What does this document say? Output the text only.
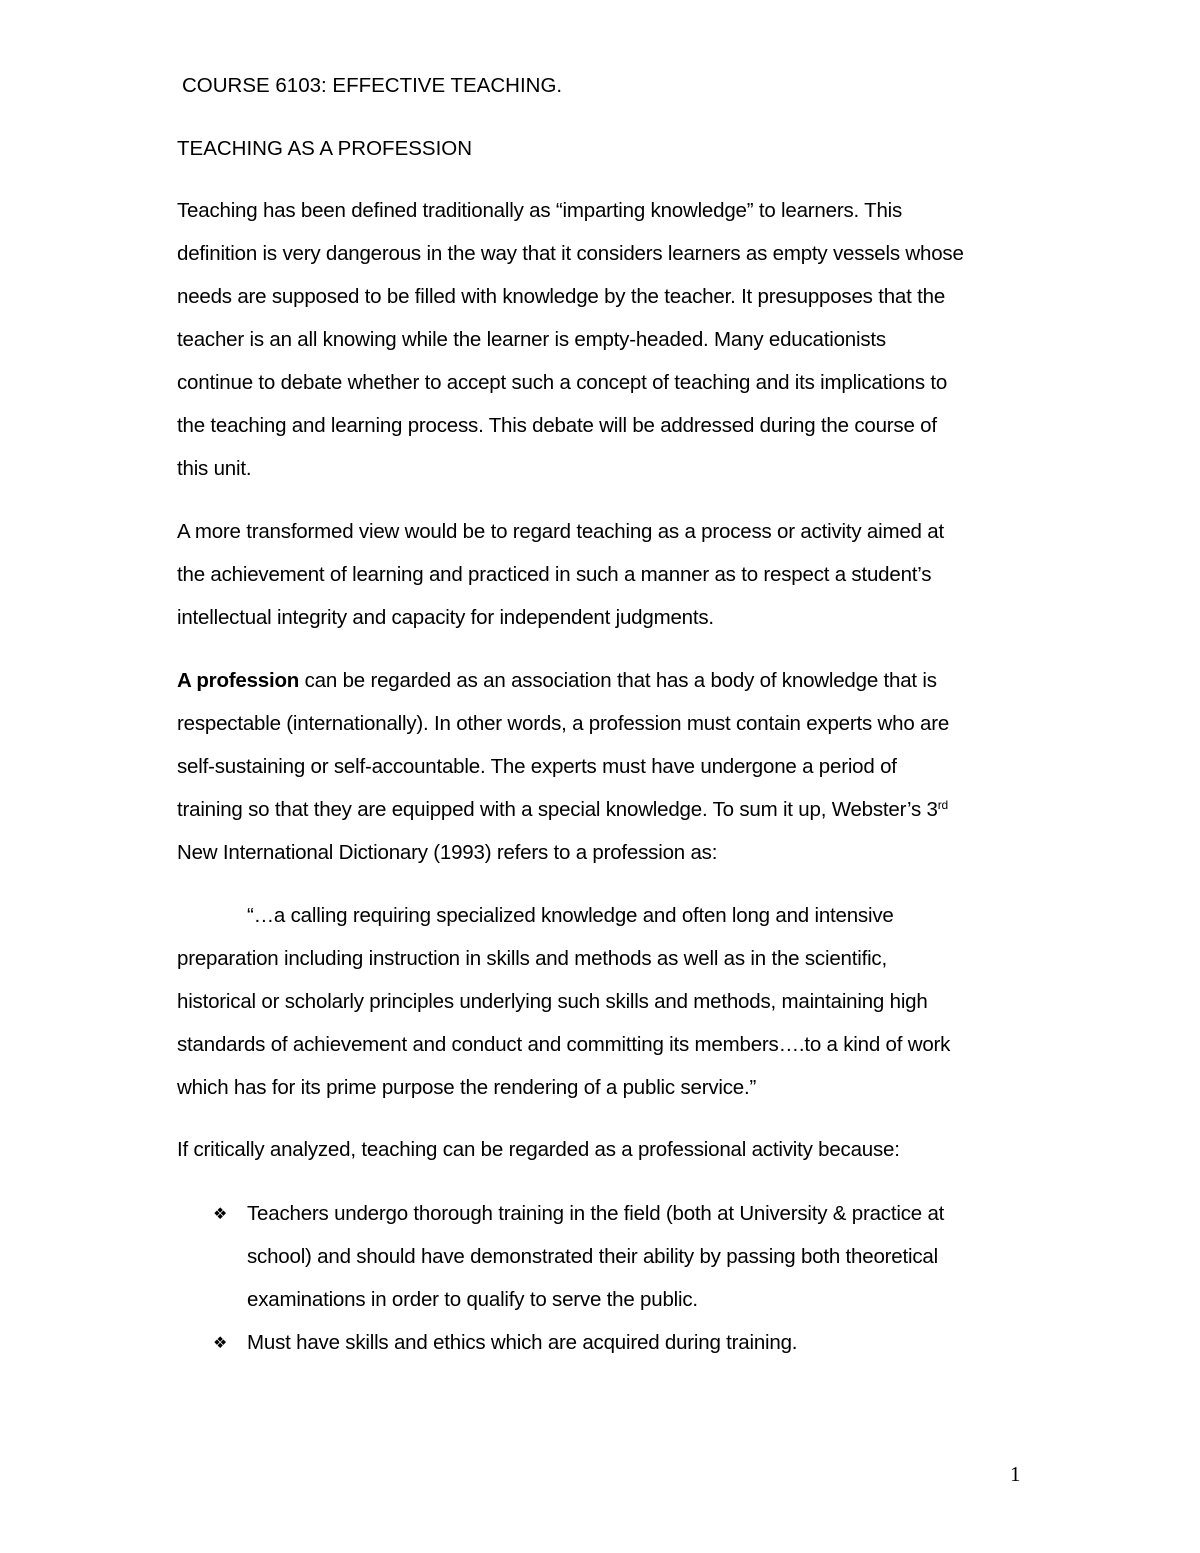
COURSE 6103: EFFECTIVE TEACHING.
TEACHING AS A PROFESSION

Teaching has been defined traditionally as “imparting knowledge” to learners. This
definition is very dangerous in the way that it considers learners as empty vessels whose
needs are supposed to be filled with knowledge by the teacher. It presupposes that the
teacher is an all knowing while the learner is empty-headed. Many educationists
continue to debate whether to accept such a concept of teaching and its implications to
the teaching and learning process. This debate will be addressed during the course of
this unit.

A more transformed view would be to regard teaching as a process or activity aimed at
the achievement of learning and practiced in such a manner as to respect a student’s
intellectual integrity and capacity for independent judgments.

A profession can be regarded as an association that has a body of knowledge that is
respectable (internationally). In other words, a profession must contain experts who are
self-sustaining or self-accountable. The experts must have undergone a period of
training so that they are equipped with a special knowledge. To sum it up, Webster’s 3rd
New International Dictionary (1993) refers to a profession as:

“…a calling requiring specialized knowledge and often long and intensive
preparation including instruction in skills and methods as well as in the scientific,
historical or scholarly principles underlying such skills and methods, maintaining high
standards of achievement and conduct and committing its members….to a kind of work
which has for its prime purpose the rendering of a public service.”

If critically analyzed, teaching can be regarded as a professional activity because:

❖ Teachers undergo thorough training in the field (both at University & practice at
school) and should have demonstrated their ability by passing both theoretical
examinations in order to qualify to serve the public.
❖ Must have skills and ethics which are acquired during training.
1
